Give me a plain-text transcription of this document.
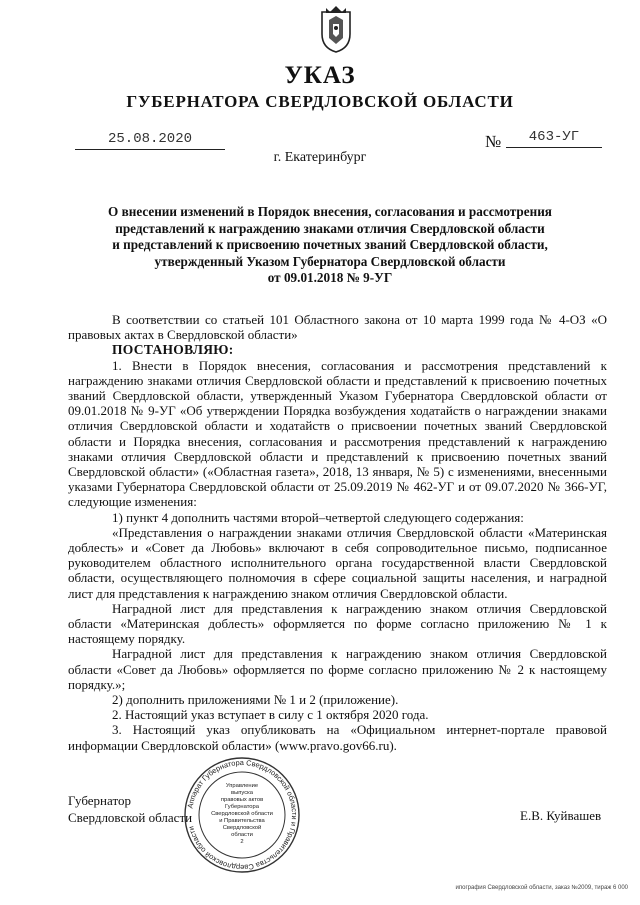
УКАЗ
ГУБЕРНАТОРА СВЕРДЛОВСКОЙ ОБЛАСТИ
25.08.2020	№	463-УГ
г. Екатеринбург
О внесении изменений в Порядок внесения, согласования и рассмотрения
представлений к награждению знаками отличия Свердловской области
и представлений к присвоению почетных званий Свердловской области,
утвержденный Указом Губернатора Свердловской области
от 09.01.2018 № 9-УГ

В соответствии со статьей 101 Областного закона от 10 марта 1999 года № 4-ОЗ «О правовых актах в Свердловской области»

ПОСТАНОВЛЯЮ:

1. Внести в Порядок внесения, согласования и рассмотрения представлений к награждению знаками отличия Свердловской области и представлений к присвоению почетных званий Свердловской области, утвержденный Указом Губернатора Свердловской области от 09.01.2018 № 9-УГ «Об утверждении Порядка возбуждения ходатайств о награждении знаками отличия Свердловской области и ходатайств о присвоении почетных званий Свердловской области и Порядка внесения, согласования и рассмотрения представлений к награждению знаками отличия Свердловской области и представлений к присвоению почетных званий Свердловской области» («Областная газета», 2018, 13 января, № 5) с изменениями, внесенными указами Губернатора Свердловской области от 25.09.2019 № 462-УГ и от 09.07.2020 № 366-УГ, следующие изменения:

1) пункт 4 дополнить частями второй–четвертой следующего содержания:

«Представления о награждении знаками отличия Свердловской области «Материнская доблесть» и «Совет да Любовь» включают в себя сопроводительное письмо, подписанное руководителем областного исполнительного органа государственной власти Свердловской области, осуществляющего полномочия в сфере социальной защиты населения, и наградной лист для представления к награждению знаком отличия Свердловской области.

Наградной лист для представления к награждению знаком отличия Свердловской области «Материнская доблесть» оформляется по форме согласно приложению № 1 к настоящему порядку.

Наградной лист для представления к награждению знаком отличия Свердловской области «Совет да Любовь» оформляется по форме согласно приложению № 2 к настоящему порядку.»;

2) дополнить приложениями № 1 и 2 (приложение).

2. Настоящий указ вступает в силу с 1 октября 2020 года.

3. Настоящий указ опубликовать на «Официальном интернет-портале правовой информации Свердловской области» (www.pravo.gov66.ru).

Губернатор
Свердловской области	Е.В. Куйвашев
Аппарат Губернатора Свердловской области и Правительства Свердловской области
Управление
выпуска
правовых актов
Губернатора
Свердловской области
и Правительства
Свердловской
области
2
ипография Свердловской области, заказ №2009, тираж 6 000
